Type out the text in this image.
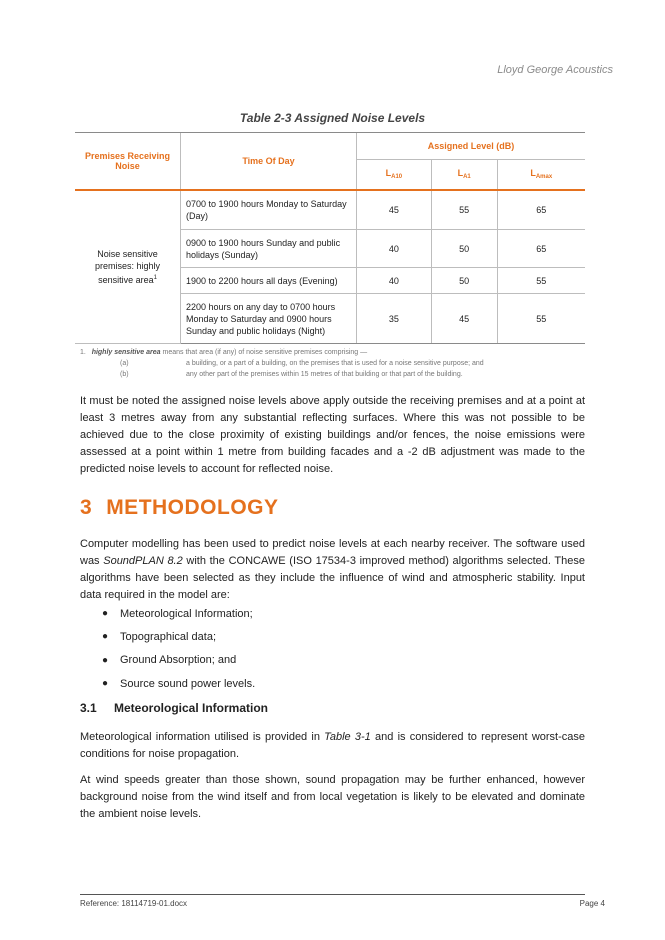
Lloyd George Acoustics
Table 2-3 Assigned Noise Levels
Premises Receiving Noise	Time Of Day	Assigned Level (dB)		
		$L_{A10}$	$L_{A1}$	$L_{Amax}$
Noise sensitive premises: highly sensitive area$^1$	0700 to 1900 hours Monday to Saturday (Day)	45	55	65
	0900 to 1900 hours Sunday and public holidays (Sunday)	40	50	65
	1900 to 2200 hours all days (Evening)	40	50	55
	2200 hours on any day to 0700 hours Monday to Saturday and 0900 hours Sunday and public holidays (Night)	35	45	55
1. highly sensitive area means that area (if any) of noise sensitive premises comprising —
(a)	a building, or a part of a building, on the premises that is used for a noise sensitive purpose; and
(b)	any other part of the premises within 15 metres of that building or that part of the building.
It must be noted the assigned noise levels above apply outside the receiving premises and at a point at least 3 metres away from any substantial reflecting surfaces. Where this was not possible to be achieved due to the close proximity of existing buildings and/or fences, the noise emissions were assessed at a point within 1 metre from building facades and a -2 dB adjustment was made to the predicted noise levels to account for reflected noise.
3 METHODOLOGY
Computer modelling has been used to predict noise levels at each nearby receiver. The software used was SoundPLAN 8.2 with the CONCAWE (ISO 17534-3 improved method) algorithms selected. These algorithms have been selected as they include the influence of wind and atmospheric stability. Input data required in the model are:
●	Meteorological Information;
●	Topographical data;
●	Ground Absorption; and
●	Source sound power levels.
3.1 Meteorological Information
Meteorological information utilised is provided in Table 3-1 and is considered to represent worst-case conditions for noise propagation.
At wind speeds greater than those shown, sound propagation may be further enhanced, however background noise from the wind itself and from local vegetation is likely to be elevated and dominate the ambient noise levels.
Reference: 18114719-01.docx	Page 4
